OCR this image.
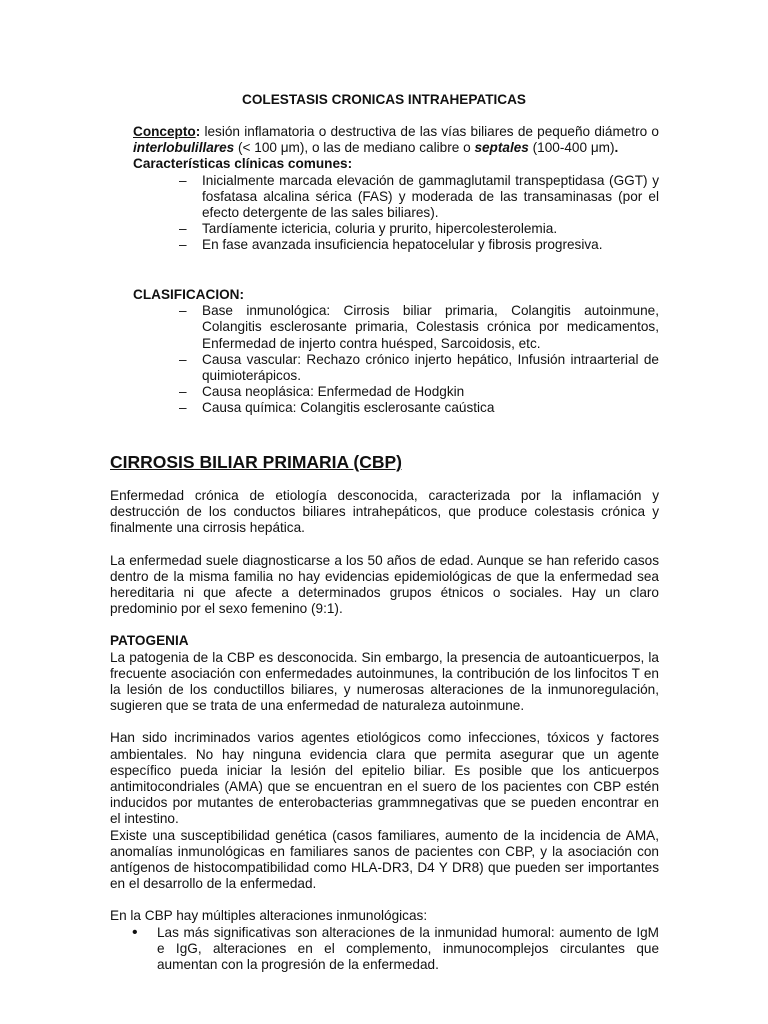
COLESTASIS CRONICAS INTRAHEPATICAS

Concepto: lesión inflamatoria o destructiva de las vías biliares de pequeño diámetro o interlobulillares (< 100 μm), o las de mediano calibre o septales (100-400 μm).

Características clínicas comunes:

– Inicialmente marcada elevación de gammaglutamil transpeptidasa (GGT) y fosfatasa alcalina sérica (FAS) y moderada de las transaminasas (por el efecto detergente de las sales biliares).
– Tardíamente ictericia, coluria y prurito, hipercolesterolemia.
– En fase avanzada insuficiencia hepatocelular y fibrosis progresiva.

CLASIFICACION:

– Base inmunológica: Cirrosis biliar primaria, Colangitis autoinmune, Colangitis esclerosante primaria, Colestasis crónica por medicamentos, Enfermedad de injerto contra huésped, Sarcoidosis, etc.
– Causa vascular: Rechazo crónico injerto hepático, Infusión intraarterial de quimioterápicos.
– Causa neoplásica: Enfermedad de Hodgkin
– Causa química: Colangitis esclerosante caústica
CIRROSIS BILIAR PRIMARIA (CBP)

Enfermedad crónica de etiología desconocida, caracterizada por la inflamación y destrucción de los conductos biliares intrahepáticos, que produce colestasis crónica y finalmente una cirrosis hepática.

La enfermedad suele diagnosticarse a los 50 años de edad. Aunque se han referido casos dentro de la misma familia no hay evidencias epidemiológicas de que la enfermedad sea hereditaria ni que afecte a determinados grupos étnicos o sociales. Hay un claro predominio por el sexo femenino (9:1).

PATOGENIA

La patogenia de la CBP es desconocida. Sin embargo, la presencia de autoanticuerpos, la frecuente asociación con enfermedades autoinmunes, la contribución de los linfocitos T en la lesión de los conductillos biliares, y numerosas alteraciones de la inmunoregulación, sugieren que se trata de una enfermedad de naturaleza autoinmune.

Han sido incriminados varios agentes etiológicos como infecciones, tóxicos y factores ambientales. No hay ninguna evidencia clara que permita asegurar que un agente específico pueda iniciar la lesión del epitelio biliar. Es posible que los anticuerpos antimitocondriales (AMA) que se encuentran en el suero de los pacientes con CBP estén inducidos por mutantes de enterobacterias grammnegativas que se pueden encontrar en el intestino.

Existe una susceptibilidad genética (casos familiares, aumento de la incidencia de AMA, anomalías inmunológicas en familiares sanos de pacientes con CBP, y la asociación con antígenos de histocompatibilidad como HLA-DR3, D4 Y DR8) que pueden ser importantes en el desarrollo de la enfermedad.

En la CBP hay múltiples alteraciones inmunológicas:

• Las más significativas son alteraciones de la inmunidad humoral: aumento de IgM e IgG, alteraciones en el complemento, inmunocomplejos circulantes que aumentan con la progresión de la enfermedad.
